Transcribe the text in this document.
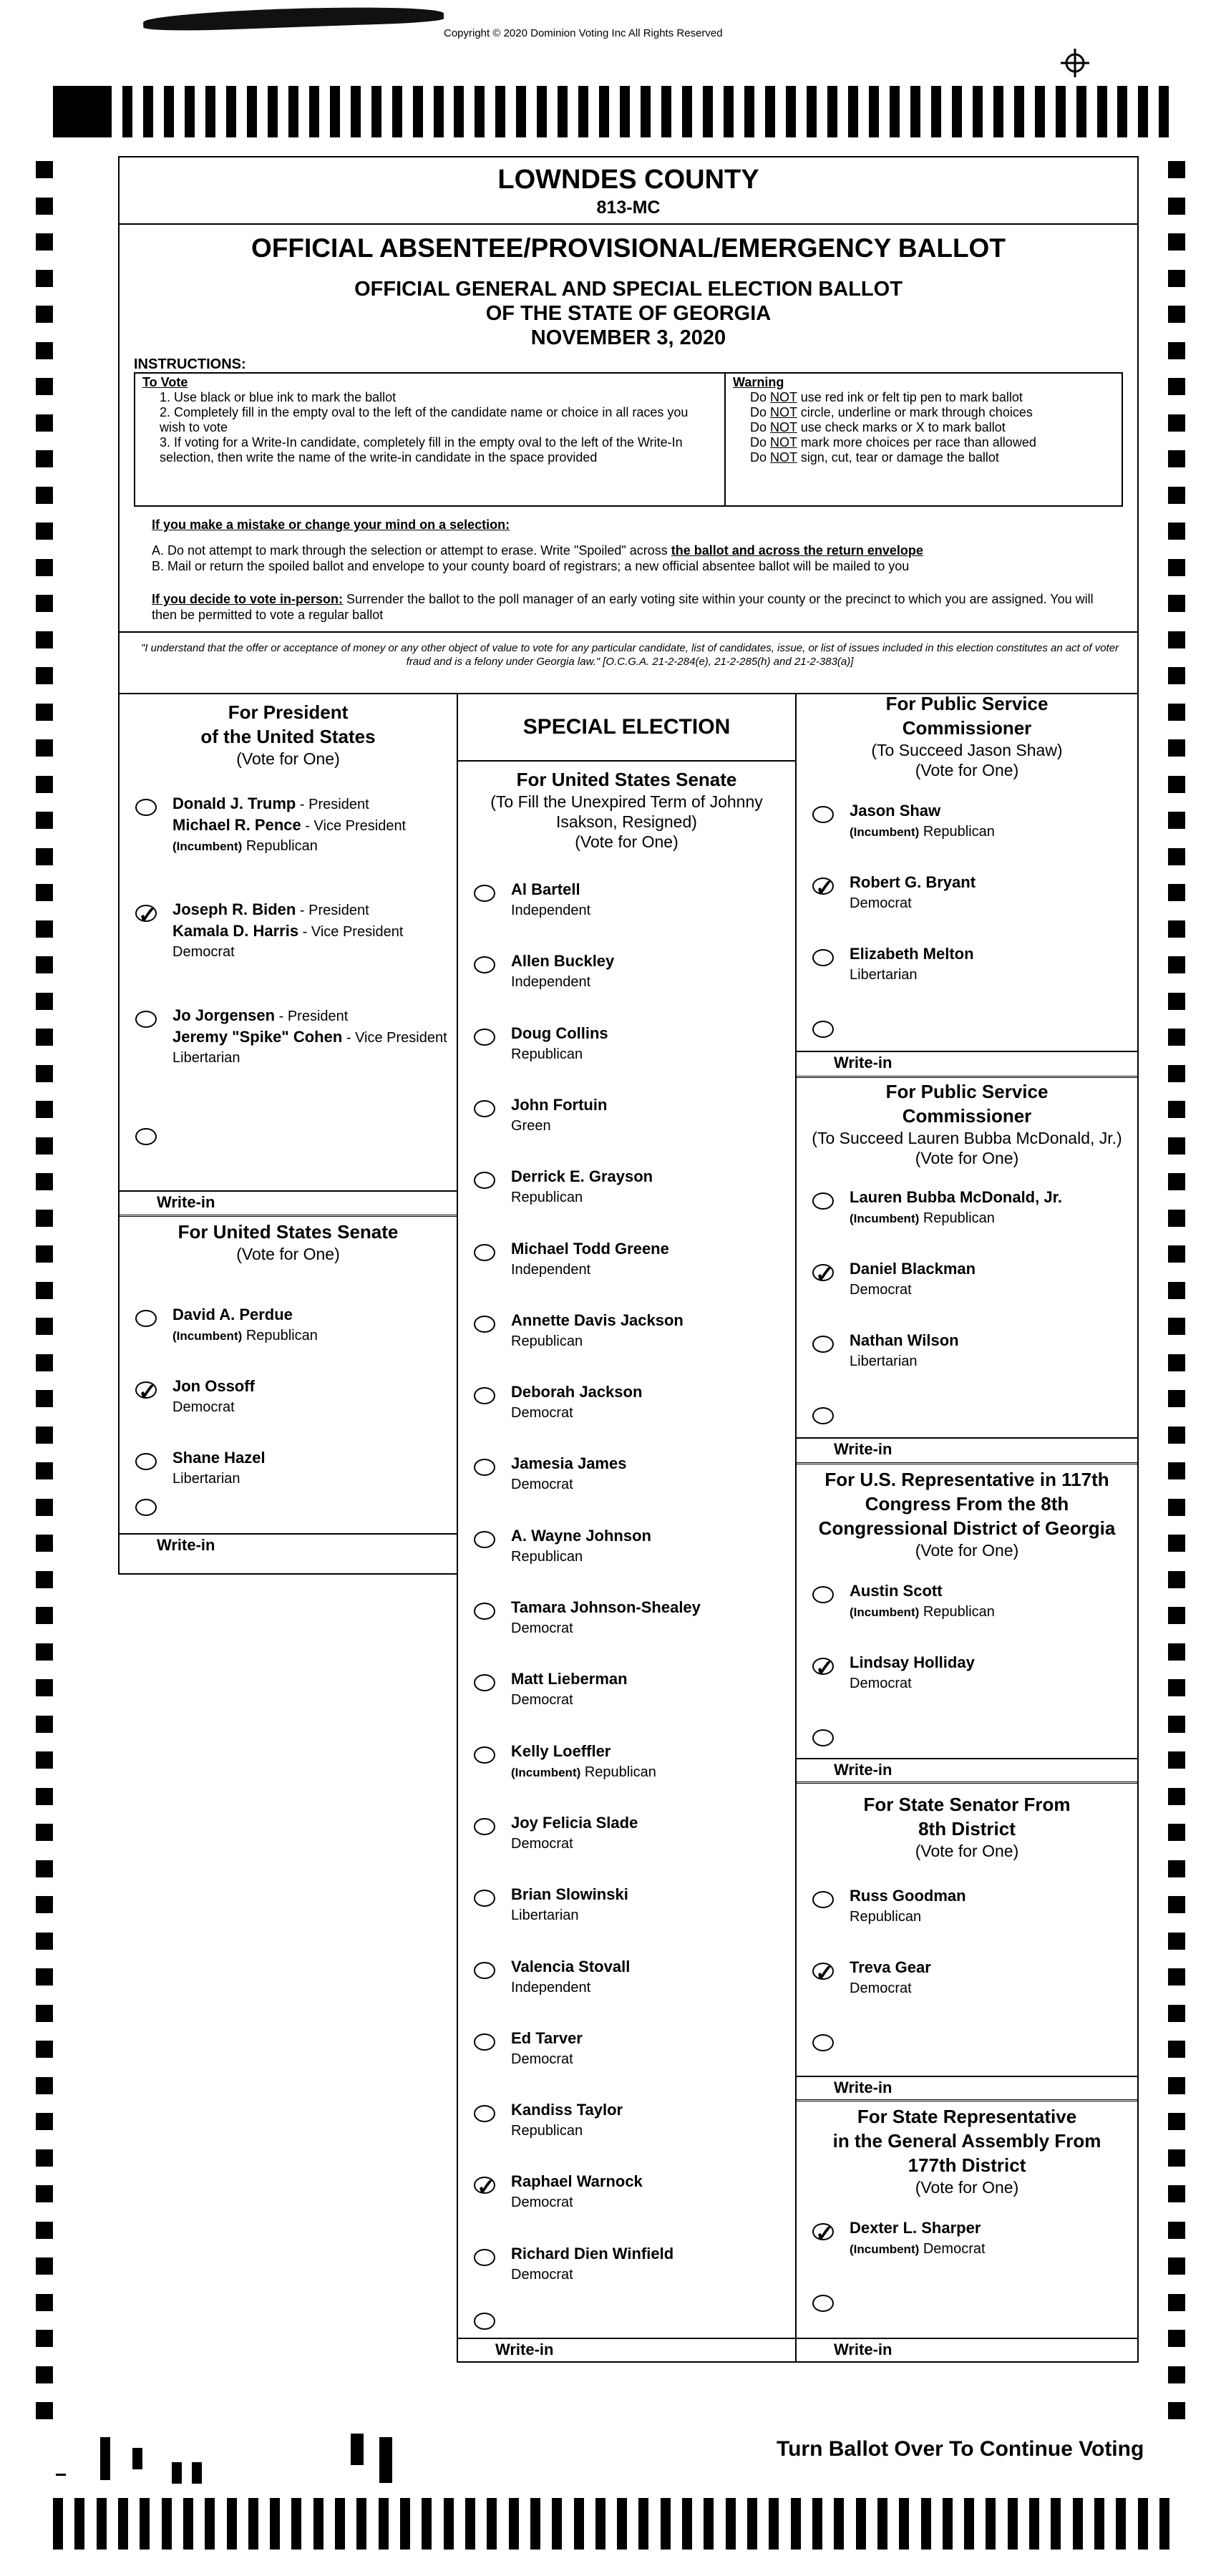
Copyright © 2020 Dominion Voting Inc All Rights Reserved
LOWNDES COUNTY
813-MC
OFFICIAL ABSENTEE/PROVISIONAL/EMERGENCY BALLOT
OFFICIAL GENERAL AND SPECIAL ELECTION BALLOT
OF THE STATE OF GEORGIA
NOVEMBER 3, 2020
INSTRUCTIONS:
To Vote
1. Use black or blue ink to mark the ballot
2. Completely fill in the empty oval to the left of the candidate name or choice in all races you wish to vote
3. If voting for a Write-In candidate, completely fill in the empty oval to the left of the Write-In selection, then write the name of the write-in candidate in the space provided
Warning
Do NOT use red ink or felt tip pen to mark ballot
Do NOT circle, underline or mark through choices
Do NOT use check marks or X to mark ballot
Do NOT mark more choices per race than allowed
Do NOT sign, cut, tear or damage the ballot
If you make a mistake or change your mind on a selection:
A. Do not attempt to mark through the selection or attempt to erase. Write "Spoiled" across the ballot and across the return envelope
B. Mail or return the spoiled ballot and envelope to your county board of registrars; a new official absentee ballot will be mailed to you
If you decide to vote in-person: Surrender the ballot to the poll manager of an early voting site within your county or the precinct to which you are assigned. You will then be permitted to vote a regular ballot
"I understand that the offer or acceptance of money or any other object of value to vote for any particular candidate, list of candidates, issue, or list of issues included in this election constitutes an act of voter fraud and is a felony under Georgia law." [O.C.G.A. 21-2-284(e), 21-2-285(h) and 21-2-383(a)]
For President
of the United States
(Vote for One)
Donald J. Trump - President
Michael R. Pence - Vice President
(Incumbent) Republican
✓ Joseph R. Biden - President
Kamala D. Harris - Vice President
Democrat
Jo Jorgensen - President
Jeremy "Spike" Cohen - Vice President
Libertarian
Write-in
For United States Senate
(Vote for One)
David A. Perdue
(Incumbent) Republican
✓ Jon Ossoff
Democrat
Shane Hazel
Libertarian
Write-in
SPECIAL ELECTION
For United States Senate
(To Fill the Unexpired Term of Johnny
Isakson, Resigned)
(Vote for One)
Al Bartell
Independent
Allen Buckley
Independent
Doug Collins
Republican
John Fortuin
Green
Derrick E. Grayson
Republican
Michael Todd Greene
Independent
Annette Davis Jackson
Republican
Deborah Jackson
Democrat
Jamesia James
Democrat
A. Wayne Johnson
Republican
Tamara Johnson-Shealey
Democrat
Matt Lieberman
Democrat
Kelly Loeffler
(Incumbent) Republican
Joy Felicia Slade
Democrat
Brian Slowinski
Libertarian
Valencia Stovall
Independent
Ed Tarver
Democrat
Kandiss Taylor
Republican
✓ Raphael Warnock
Democrat
Richard Dien Winfield
Democrat
Write-in
For Public Service
Commissioner
(To Succeed Jason Shaw)
(Vote for One)
Jason Shaw
(Incumbent) Republican
✓ Robert G. Bryant
Democrat
Elizabeth Melton
Libertarian
Write-in
For Public Service
Commissioner
(To Succeed Lauren Bubba McDonald, Jr.)
(Vote for One)
Lauren Bubba McDonald, Jr.
(Incumbent) Republican
✓ Daniel Blackman
Democrat
Nathan Wilson
Libertarian
Write-in
For U.S. Representative in 117th
Congress From the 8th
Congressional District of Georgia
(Vote for One)
Austin Scott
(Incumbent) Republican
✓ Lindsay Holliday
Democrat
Write-in
For State Senator From
8th District
(Vote for One)
Russ Goodman
Republican
✓ Treva Gear
Democrat
Write-in
For State Representative
in the General Assembly From
177th District
(Vote for One)
✓ Dexter L. Sharper
(Incumbent) Democrat
Write-in
Turn Ballot Over To Continue Voting
